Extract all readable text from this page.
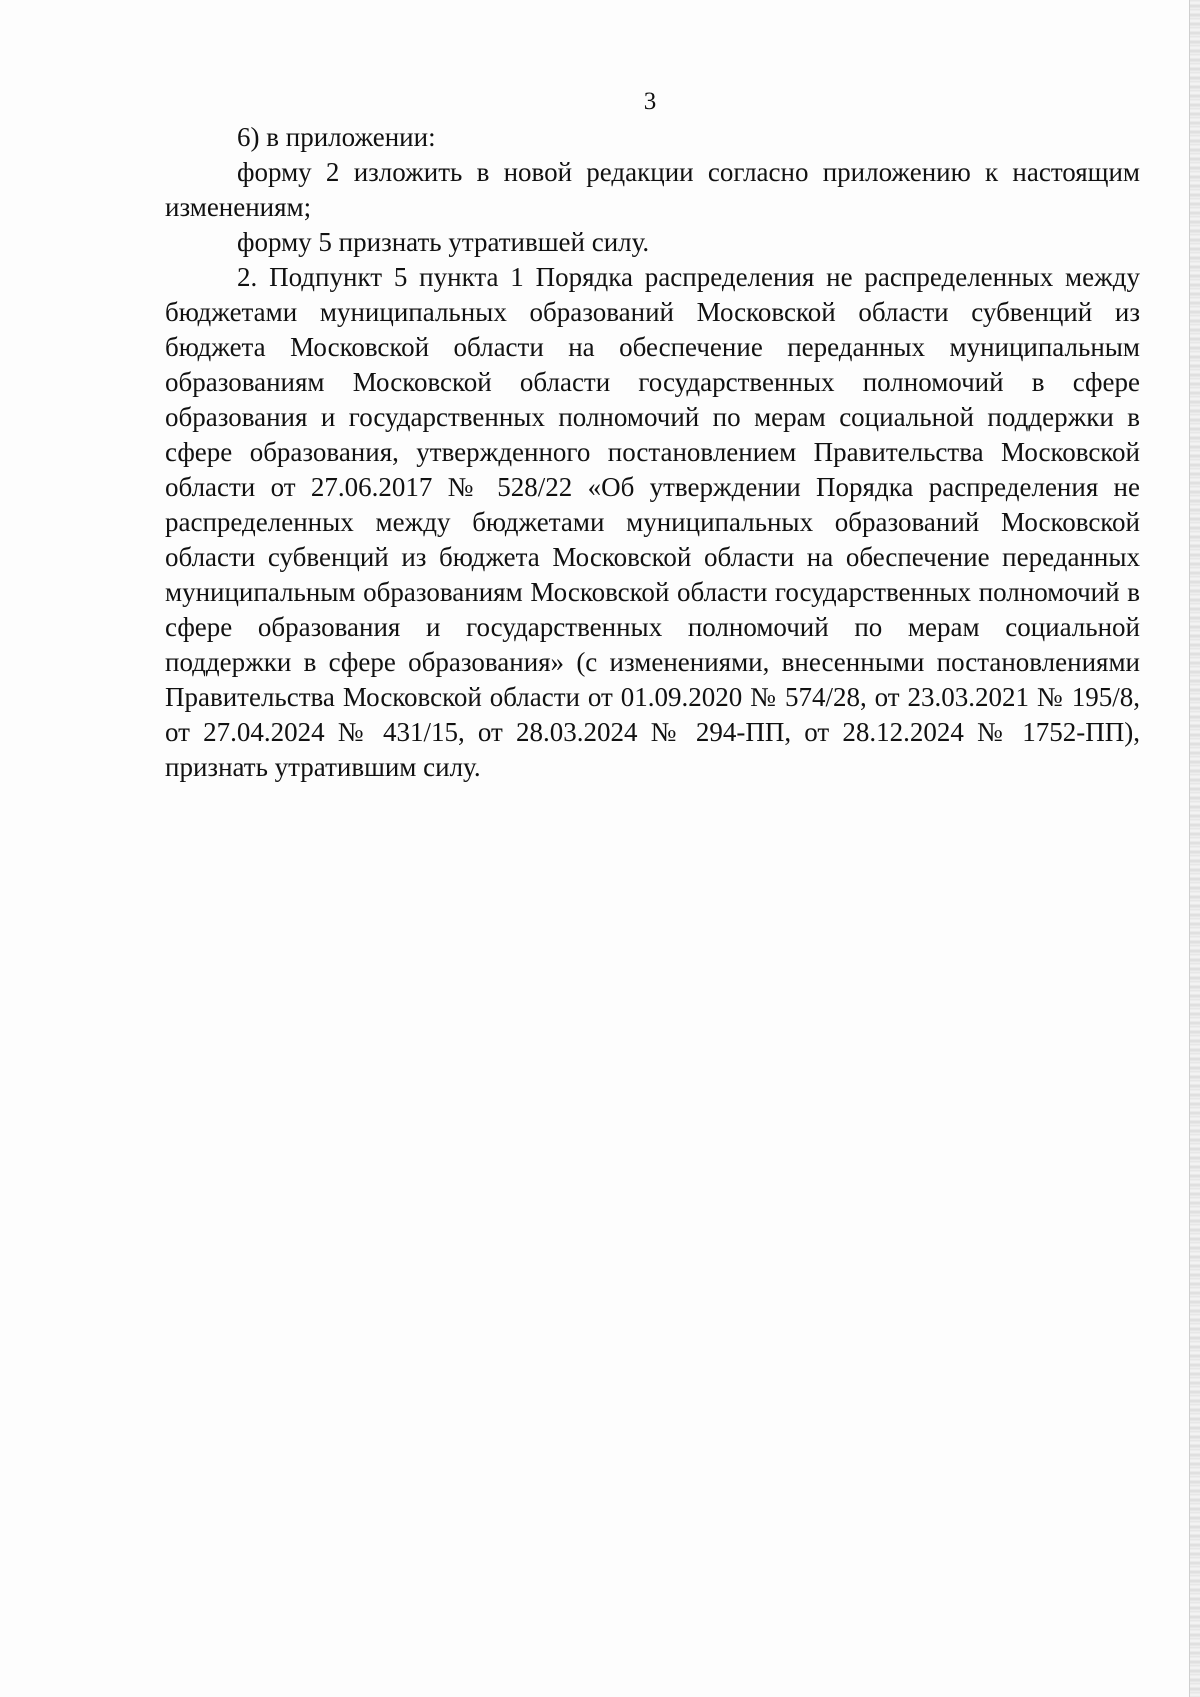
3

6) в приложении:

форму 2 изложить в новой редакции согласно приложению к настоящим изменениям;

форму 5 признать утратившей силу.

2. Подпункт 5 пункта 1 Порядка распределения не распределенных между бюджетами муниципальных образований Московской области субвенций из бюджета Московской области на обеспечение переданных муниципальным образованиям Московской области государственных полномочий в сфере образования и государственных полномочий по мерам социальной поддержки в сфере образования, утвержденного постановлением Правительства Московской области от 27.06.2017 № 528/22 «Об утверждении Порядка распределения не распределенных между бюджетами муниципальных образований Московской области субвенций из бюджета Московской области на обеспечение переданных муниципальным образованиям Московской области государственных полномочий в сфере образования и государственных полномочий по мерам социальной поддержки в сфере образования» (с изменениями, внесенными постановлениями Правительства Московской области от 01.09.2020 № 574/28, от 23.03.2021 № 195/8, от 27.04.2024 № 431/15, от 28.03.2024 № 294-ПП, от 28.12.2024 № 1752-ПП), признать утратившим силу.
